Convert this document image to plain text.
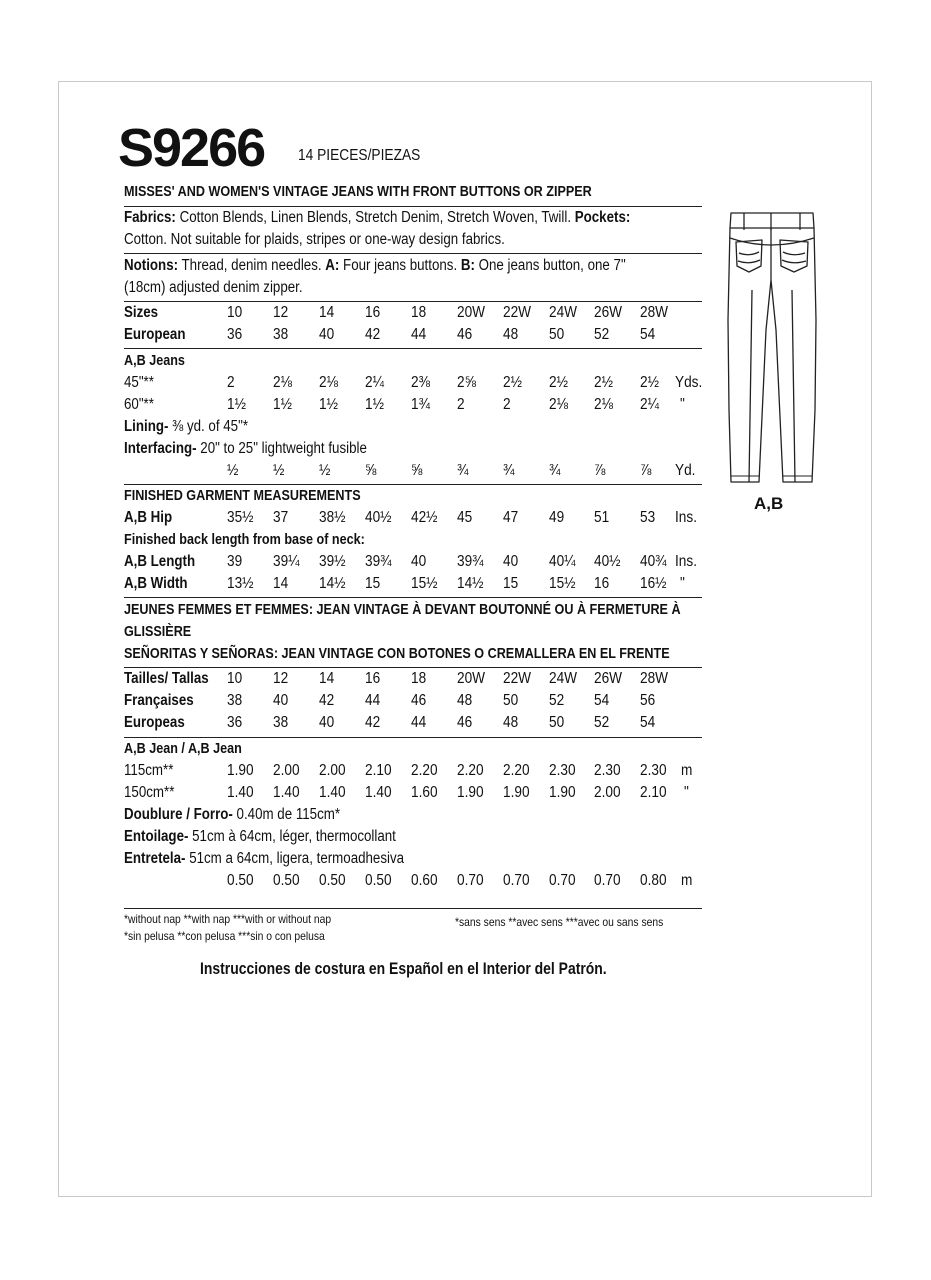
S9266 14 PIECES/PIEZAS
MISSES' AND WOMEN'S VINTAGE JEANS WITH FRONT BUTTONS OR ZIPPER
Fabrics: Cotton Blends, Linen Blends, Stretch Denim, Stretch Woven, Twill. Pockets:
Cotton. Not suitable for plaids, stripes or one-way design fabrics.
Notions: Thread, denim needles. A: Four jeans buttons. B: One jeans button, one 7"
(18cm) adjusted denim zipper.
Sizes	10 12 14 16 18 20W 22W 24W 26W 28W
European	36 38 40 42 44 46 48 50 52 54
A,B Jeans
45"**	2 2⅛ 2⅛ 2¼ 2⅜ 2⅝ 2½ 2½ 2½ 2½ Yds.
60"**	1½ 1½ 1½ 1½ 1¾ 2 2 2⅛ 2⅛ 2¼ "
Lining- ⅜ yd. of 45"*
Interfacing- 20" to 25" lightweight fusible
½ ½ ½ ⅝ ⅝ ¾ ¾ ¾ ⅞ ⅞ Yd.
FINISHED GARMENT MEASUREMENTS
A,B Hip	35½ 37 38½ 40½ 42½ 45 47 49 51 53 Ins.
Finished back length from base of neck:
A,B Length 39 39¼ 39½ 39¾ 40 39¾ 40 40¼ 40½ 40¾ Ins.
A,B Width	13½ 14 14½ 15 15½ 14½ 15 15½ 16 16½ "
JEUNES FEMMES ET FEMMES: JEAN VINTAGE À DEVANT BOUTONNÉ OU À FERMETURE À
GLISSIÈRE
SEÑORITAS Y SEÑORAS: JEAN VINTAGE CON BOTONES O CREMALLERA EN EL FRENTE
Tailles/ Tallas 10 12 14 16 18 20W 22W 24W 26W 28W
Françaises 38 40 42 44 46 48 50 52 54 56
Europeas	36 38 40 42 44 46 48 50 52 54
A,B Jean / A,B Jean
115cm**	1.90 2.00 2.00 2.10 2.20 2.20 2.20 2.30 2.30 2.30 m
150cm**	1.40 1.40 1.40 1.40 1.60 1.90 1.90 1.90 2.00 2.10 "
Doublure / Forro- 0.40m de 115cm*
Entoilage- 51cm à 64cm, léger, thermocollant
Entretela- 51cm a 64cm, ligera, termoadhesiva
0.50 0.50 0.50 0.50 0.60 0.70 0.70 0.70 0.70 0.80 m
*without nap **with nap ***with or without nap
*sin pelusa **con pelusa ***sin o con pelusa
*sans sens **avec sens ***avec ou sans sens
Instrucciones de costura en Español en el Interior del Patrón.
A,B
